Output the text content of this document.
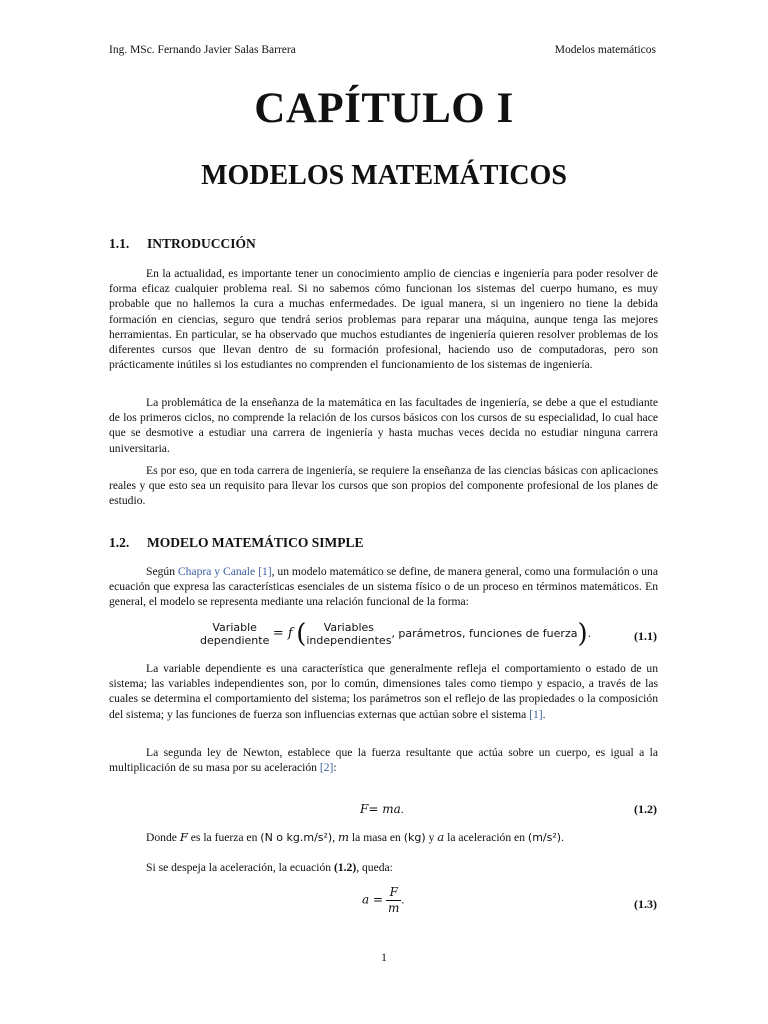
Ing. MSc. Fernando Javier Salas Barrera	Modelos matemáticos
CAPÍTULO I
MODELOS MATEMÁTICOS
1.1. INTRODUCCIÓN

En la actualidad, es importante tener un conocimiento amplio de ciencias e ingeniería para poder resolver de forma eficaz cualquier problema real. Si no sabemos cómo funcionan los sistemas del cuerpo humano, es muy probable que no hallemos la cura a muchas enfermedades. De igual manera, si un ingeniero no tiene la debida formación en ciencias, seguro que tendrá serios problemas para reparar una máquina, aunque tenga las mejores herramientas. En particular, se ha observado que muchos estudiantes de ingeniería quieren resolver problemas de los diferentes cursos que llevan dentro de su formación profesional, haciendo uso de computadoras, pero son prácticamente inútiles si los estudiantes no comprenden el funcionamiento de los sistemas de ingeniería.

La problemática de la enseñanza de la matemática en las facultades de ingeniería, se debe a que el estudiante de los primeros ciclos, no comprende la relación de los cursos básicos con los cursos de su especialidad, lo cual hace que se desmotive a estudiar una carrera de ingeniería y hasta muchas veces decida no estudiar ninguna carrera universitaria.

Es por eso, que en toda carrera de ingeniería, se requiere la enseñanza de las ciencias básicas con aplicaciones reales y que esto sea un requisito para llevar los cursos que son propios del componente profesional de los planes de estudio.

1.2. MODELO MATEMÁTICO SIMPLE

Según Chapra y Canale [1], un modelo matemático se define, de manera general, como una formulación o una ecuación que expresa las características esenciales de un sistema físico o de un proceso en términos matemáticos. En general, el modelo se representa mediante una relación funcional de la forma:

Variable
dependiente = f ( Variables
independientes, parámetros, funciones de fuerza).	(1.1)

La variable dependiente es una característica que generalmente refleja el comportamiento o estado de un sistema; las variables independientes son, por lo común, dimensiones tales como tiempo y espacio, a través de las cuales se determina el comportamiento del sistema; los parámetros son el reflejo de las propiedades o la composición del sistema; y las funciones de fuerza son influencias externas que actúan sobre el sistema [1].

La segunda ley de Newton, establece que la fuerza resultante que actúa sobre un cuerpo, es igual a la multiplicación de su masa por su aceleración [2]:

F= ma.	(1.2)

Donde F es la fuerza en (N o kg.m/s²), m la masa en (kg) y a la aceleración en (m/s²).

Si se despeja la aceleración, la ecuación (1.2), queda:

$a = \frac{F}{m}$ .	(1.3)
1
